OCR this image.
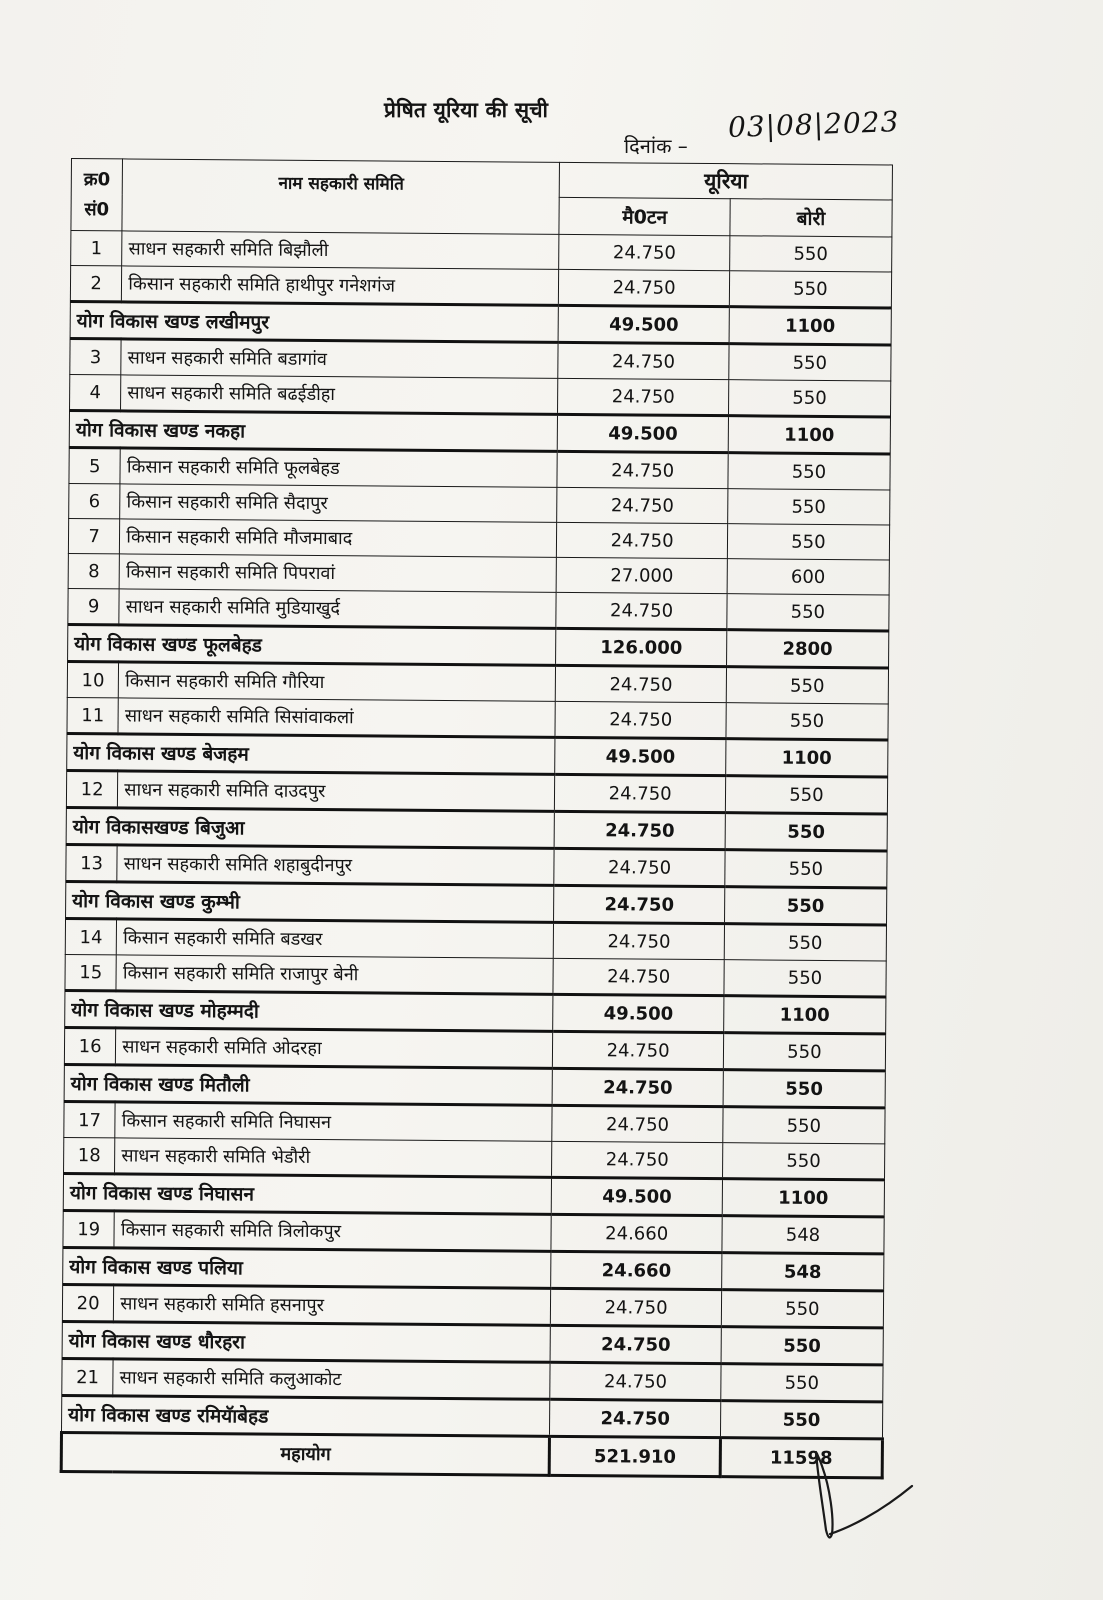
प्रेषित यूरिया की सूची
दिनांक –
03|08|2023
क्र0
सं0	नाम सहकारी समिति	यूरिया	
		मै0टन	बोरी
1	साधन सहकारी समिति बिझौली	24.750	550
2	किसान सहकारी समिति हाथीपुर गनेशगंज	24.750	550
योग विकास खण्ड लखीमपुर		49.500	1100
3	साधन सहकारी समिति बडागांव	24.750	550
4	साधन सहकारी समिति बढईडीहा	24.750	550
योग विकास खण्ड नकहा		49.500	1100
5	किसान सहकारी समिति फूलबेहड	24.750	550
6	किसान सहकारी समिति सैदापुर	24.750	550
7	किसान सहकारी समिति मौजमाबाद	24.750	550
8	किसान सहकारी समिति पिपरावां	27.000	600
9	साधन सहकारी समिति मुडियाखुर्द	24.750	550
योग विकास खण्ड फूलबेहड		126.000	2800
10	किसान सहकारी समिति गौरिया	24.750	550
11	साधन सहकारी समिति सिसांवाकलां	24.750	550
योग विकास खण्ड बेजहम		49.500	1100
12	साधन सहकारी समिति दाउदपुर	24.750	550
योग विकासखण्ड बिजुआ		24.750	550
13	साधन सहकारी समिति शहाबुदीनपुर	24.750	550
योग विकास खण्ड कुम्भी		24.750	550
14	किसान सहकारी समिति बडखर	24.750	550
15	किसान सहकारी समिति राजापुर बेनी	24.750	550
योग विकास खण्ड मोहम्मदी		49.500	1100
16	साधन सहकारी समिति ओदरहा	24.750	550
योग विकास खण्ड मितौली		24.750	550
17	किसान सहकारी समिति निघासन	24.750	550
18	साधन सहकारी समिति भेडौरी	24.750	550
योग विकास खण्ड निघासन		49.500	1100
19	किसान सहकारी समिति त्रिलोकपुर	24.660	548
योग विकास खण्ड पलिया		24.660	548
20	साधन सहकारी समिति हसनापुर	24.750	550
योग विकास खण्ड धौरहरा		24.750	550
21	साधन सहकारी समिति कलुआकोट	24.750	550
योग विकास खण्ड रमियॅाबेहड		24.750	550
महायोग		521.910	11598
